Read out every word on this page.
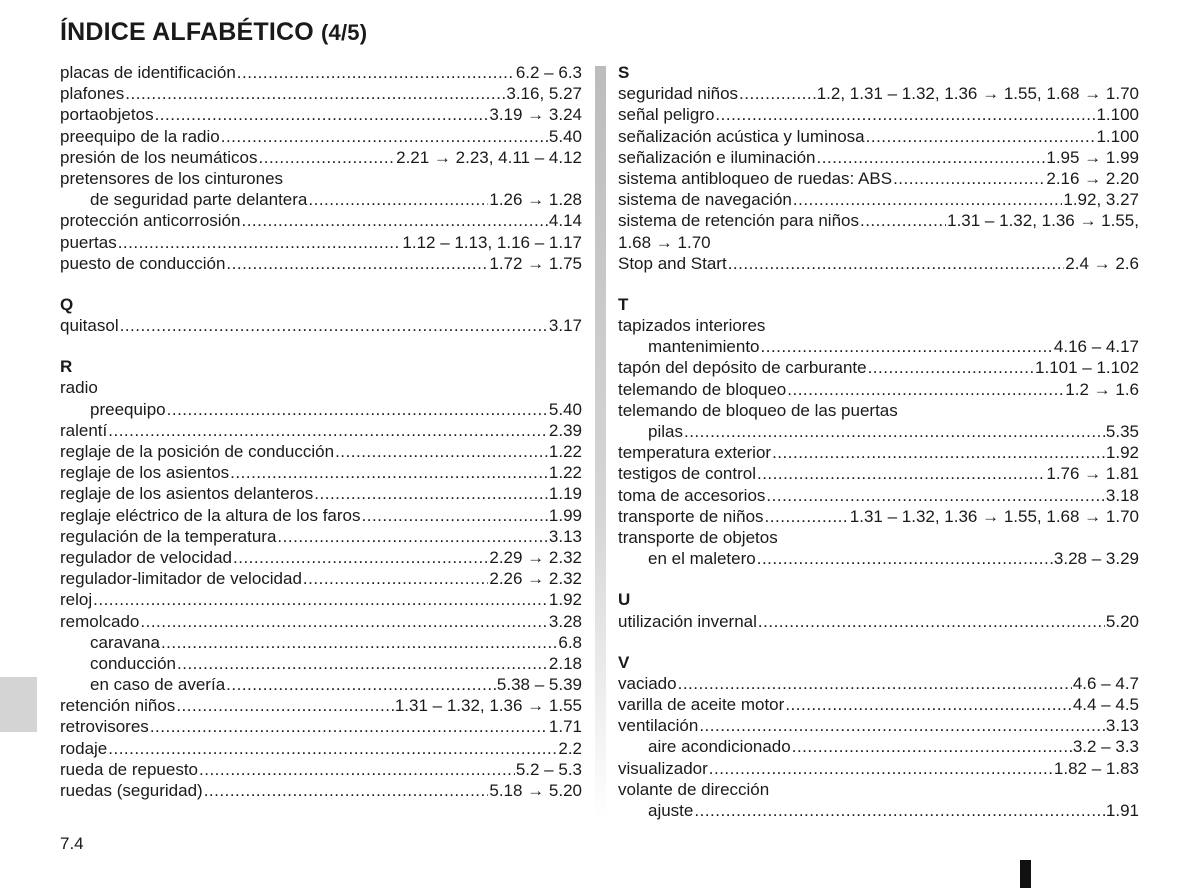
ÍNDICE ALFABÉTICO (4/5)
placas de identificación .....	6.2 – 6.3
plafones .....	3.16, 5.27
portaobjetos .....	3.19 → 3.24
preequipo de la radio .....	5.40
presión de los neumáticos .....	2.21 → 2.23, 4.11 – 4.12
pretensores de los cinturones
de seguridad parte delantera .....	1.26 → 1.28
protección anticorrosión .....	4.14
puertas .....	1.12 – 1.13, 1.16 – 1.17
puesto de conducción .....	1.72 → 1.75
Q
quitasol .....	3.17
R
radio
preequipo .....	5.40
ralentí .....	2.39
reglaje de la posición de conducción .....	1.22
reglaje de los asientos .....	1.22
reglaje de los asientos delanteros .....	1.19
reglaje eléctrico de la altura de los faros .....	1.99
regulación de la temperatura .....	3.13
regulador de velocidad .....	2.29 → 2.32
regulador-limitador de velocidad .....	2.26 → 2.32
reloj .....	1.92
remolcado .....	3.28
caravana .....	6.8
conducción .....	2.18
en caso de avería .....	5.38 – 5.39
retención niños .....	1.31 – 1.32, 1.36 → 1.55
retrovisores .....	1.71
rodaje .....	2.2
rueda de repuesto .....	5.2 – 5.3
ruedas (seguridad) .....	5.18 → 5.20
S
seguridad niños .....	1.2, 1.31 – 1.32, 1.36 → 1.55, 1.68 → 1.70
señal peligro .....	1.100
señalización acústica y luminosa .....	1.100
señalización e iluminación .....	1.95 → 1.99
sistema antibloqueo de ruedas: ABS .....	2.16 → 2.20
sistema de navegación .....	1.92, 3.27
sistema de retención para niños .....	1.31 – 1.32, 1.36 → 1.55,
1.68 → 1.70
Stop and Start .....	2.4 → 2.6
T
tapizados interiores
mantenimiento .....	4.16 – 4.17
tapón del depósito de carburante .....	1.101 – 1.102
telemando de bloqueo .....	1.2 → 1.6
telemando de bloqueo de las puertas
pilas .....	5.35
temperatura exterior .....	1.92
testigos de control .....	1.76 → 1.81
toma de accesorios .....	3.18
transporte de niños .....	1.31 – 1.32, 1.36 → 1.55, 1.68 → 1.70
transporte de objetos
en el maletero .....	3.28 – 3.29
U
utilización invernal .....	5.20
V
vaciado .....	4.6 – 4.7
varilla de aceite motor .....	4.4 – 4.5
ventilación .....	3.13
aire acondicionado .....	3.2 – 3.3
visualizador .....	1.82 – 1.83
volante de dirección
ajuste .....	1.91
7.4
